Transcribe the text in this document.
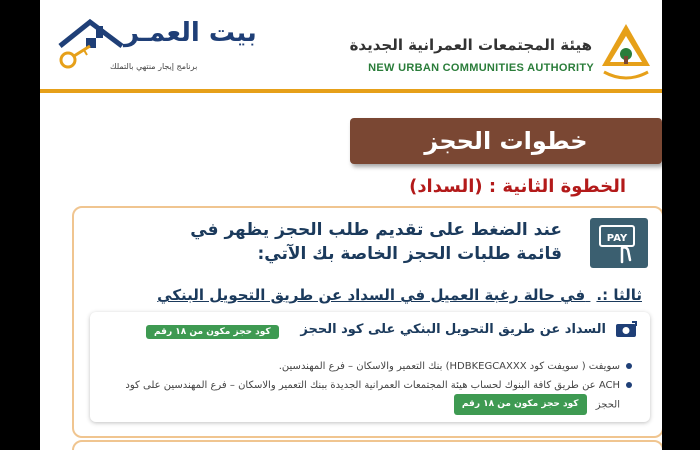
بيت العمـر
برنامج إيجار منتهي بالتملك
هيئة المجتمعات العمرانية الجديدة
NEW URBAN COMMUNITIES AUTHORITY
خطوات الحجز
الخطوة الثانية : (السداد)
PAY
عند الضغط على تقديم طلب الحجز يظهر في قائمة طلبات الحجز الخاصة بك الآتي:
ثالثا :. في حالة رغبة العميل في السداد عن طريق التحويل البنكي
السداد عن طريق التحويل البنكي على كود الحجز
كود حجز مكون من ١٨ رقم
سويفت ( سويفت كود HDBKEGCAXXX) بنك التعمير والاسكان – فرع المهندسين.
ACH عن طريق كافة البنوك لحساب هيئة المجتمعات العمرانية الجديدة ببنك التعمير والاسكان – فرع المهندسين على كود الحجز كود حجز مكون من ١٨ رقم
